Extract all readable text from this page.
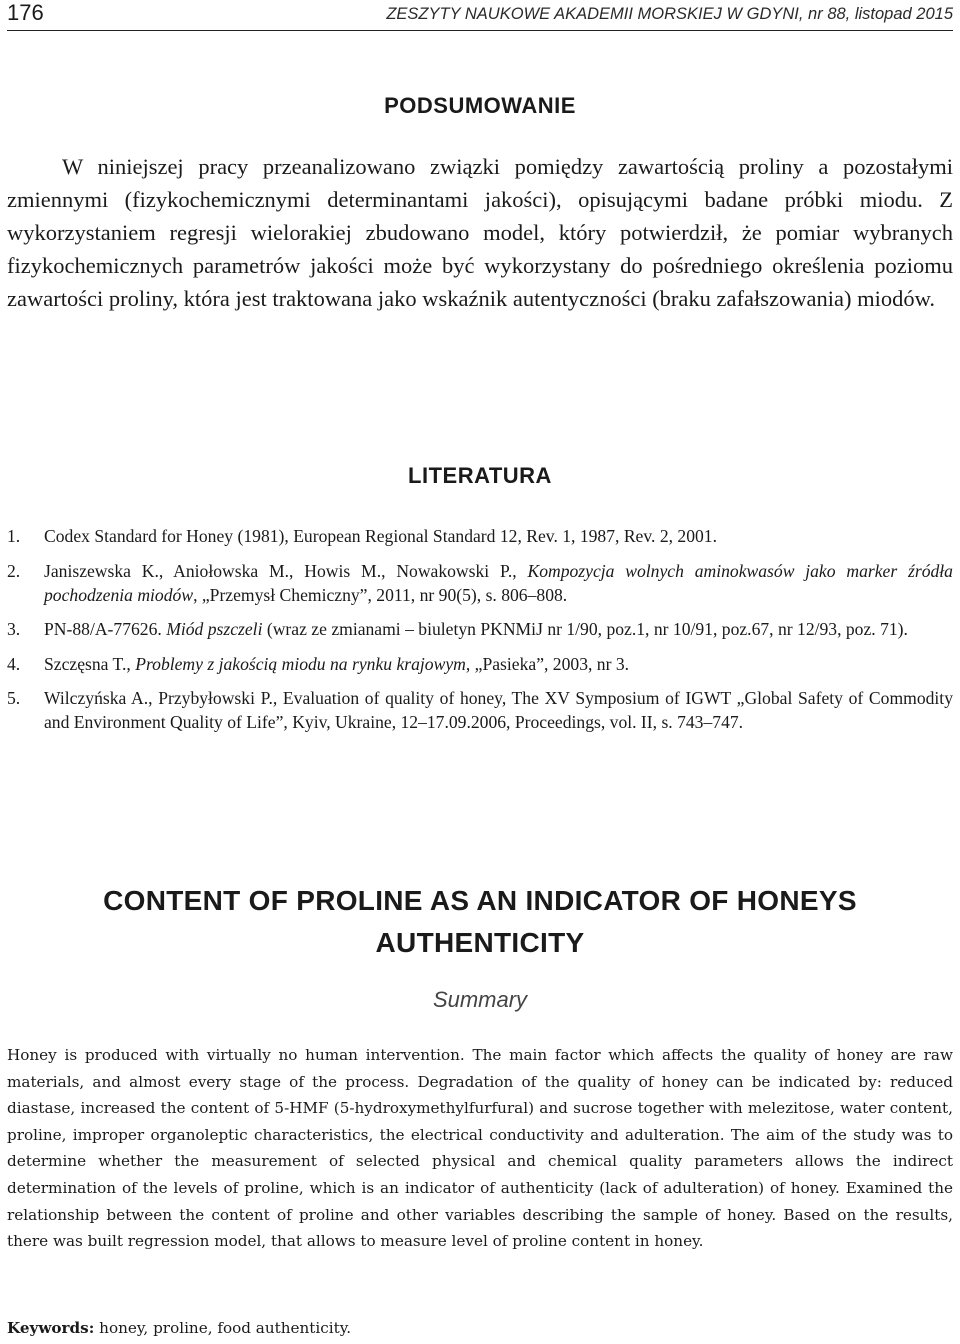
176	ZESZYTY NAUKOWE AKADEMII MORSKIEJ W GDYNI, nr 88, listopad 2015
PODSUMOWANIE

W niniejszej pracy przeanalizowano związki pomiędzy zawartością proliny a pozostałymi zmiennymi (fizykochemicznymi determinantami jakości), opisującymi badane próbki miodu. Z wykorzystaniem regresji wielorakiej zbudowano model, który potwierdził, że pomiar wybranych fizykochemicznych parametrów jakości może być wykorzystany do pośredniego określenia poziomu zawartości proliny, która jest traktowana jako wskaźnik autentyczności (braku zafałszowania) miodów.

LITERATURA
1. Codex Standard for Honey (1981), European Regional Standard 12, Rev. 1, 1987, Rev. 2, 2001.
2. Janiszewska K., Aniołowska M., Howis M., Nowakowski P., Kompozycja wolnych aminokwasów jako marker źródła pochodzenia miodów, „Przemysł Chemiczny”, 2011, nr 90(5), s. 806–808.
3. PN-88/A-77626. Miód pszczeli (wraz ze zmianami – biuletyn PKNMiJ nr 1/90, poz.1, nr 10/91, poz.67, nr 12/93, poz. 71).
4. Szczęsna T., Problemy z jakością miodu na rynku krajowym, „Pasieka”, 2003, nr 3.
5. Wilczyńska A., Przybyłowski P., Evaluation of quality of honey, The XV Symposium of IGWT „Global Safety of Commodity and Environment Quality of Life”, Kyiv, Ukraine, 12–17.09.2006, Proceedings, vol. II, s. 743–747.
CONTENT OF PROLINE AS AN INDICATOR OF HONEYS
AUTHENTICITY
Summary

Honey is produced with virtually no human intervention. The main factor which affects the quality of honey are raw materials, and almost every stage of the process. Degradation of the quality of honey can be indicated by: reduced diastase, increased the content of 5-HMF (5-hydroxymethylfurfural) and sucrose together with melezitose, water content, proline, improper organoleptic characteristics, the electrical conductivity and adulteration. The aim of the study was to determine whether the measurement of selected physical and chemical quality parameters allows the indirect determination of the levels of proline, which is an indicator of authenticity (lack of adulteration) of honey. Examined the relationship between the content of proline and other variables describing the sample of honey. Based on the results, there was built regression model, that allows to measure level of proline content in honey.

Keywords: honey, proline, food authenticity.
